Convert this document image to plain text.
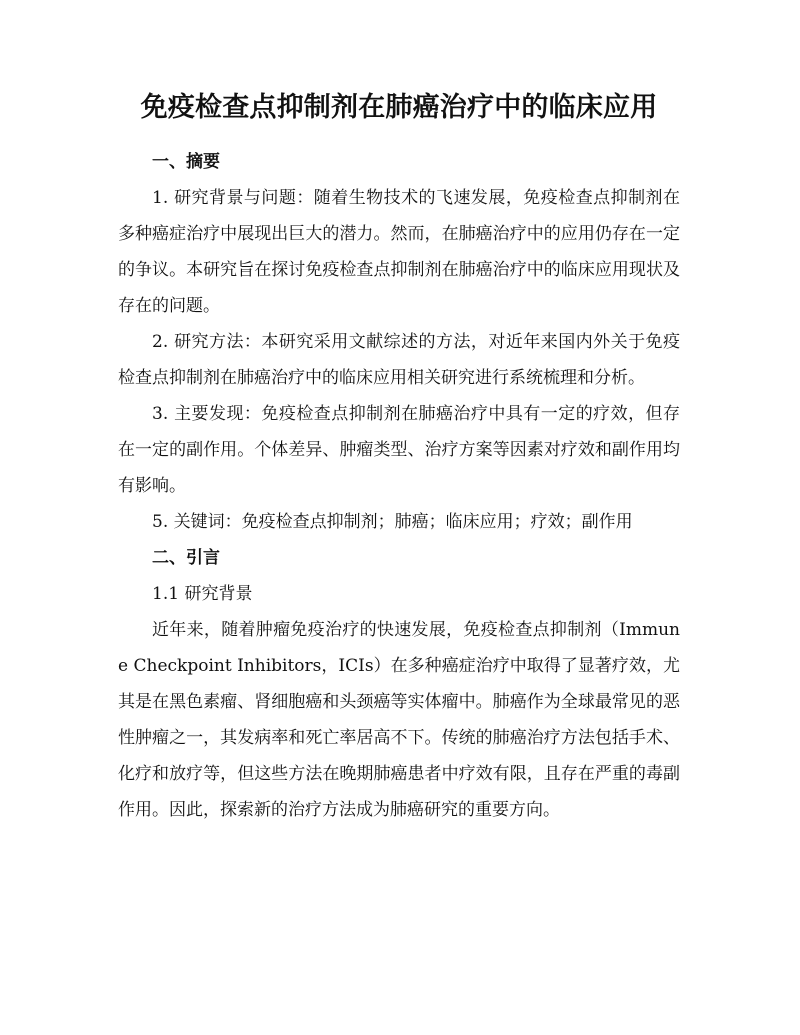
免疫检查点抑制剂在肺癌治疗中的临床应用

一、摘要

1. 研究背景与问题：随着生物技术的飞速发展，免疫检查点抑制剂在多种癌症治疗中展现出巨大的潜力。然而，在肺癌治疗中的应用仍存在一定的争议。本研究旨在探讨免疫检查点抑制剂在肺癌治疗中的临床应用现状及存在的问题。

2. 研究方法：本研究采用文献综述的方法，对近年来国内外关于免疫检查点抑制剂在肺癌治疗中的临床应用相关研究进行系统梳理和分析。

3. 主要发现：免疫检查点抑制剂在肺癌治疗中具有一定的疗效，但存在一定的副作用。个体差异、肿瘤类型、治疗方案等因素对疗效和副作用均有影响。

5. 关键词：免疫检查点抑制剂；肺癌；临床应用；疗效；副作用

二、引言

1.1 研究背景

近年来，随着肿瘤免疫治疗的快速发展，免疫检查点抑制剂（Immune Checkpoint Inhibitors，ICIs）在多种癌症治疗中取得了显著疗效，尤其是在黑色素瘤、肾细胞癌和头颈癌等实体瘤中。肺癌作为全球最常见的恶性肿瘤之一，其发病率和死亡率居高不下。传统的肺癌治疗方法包括手术、化疗和放疗等，但这些方法在晚期肺癌患者中疗效有限，且存在严重的毒副作用。因此，探索新的治疗方法成为肺癌研究的重要方向。
